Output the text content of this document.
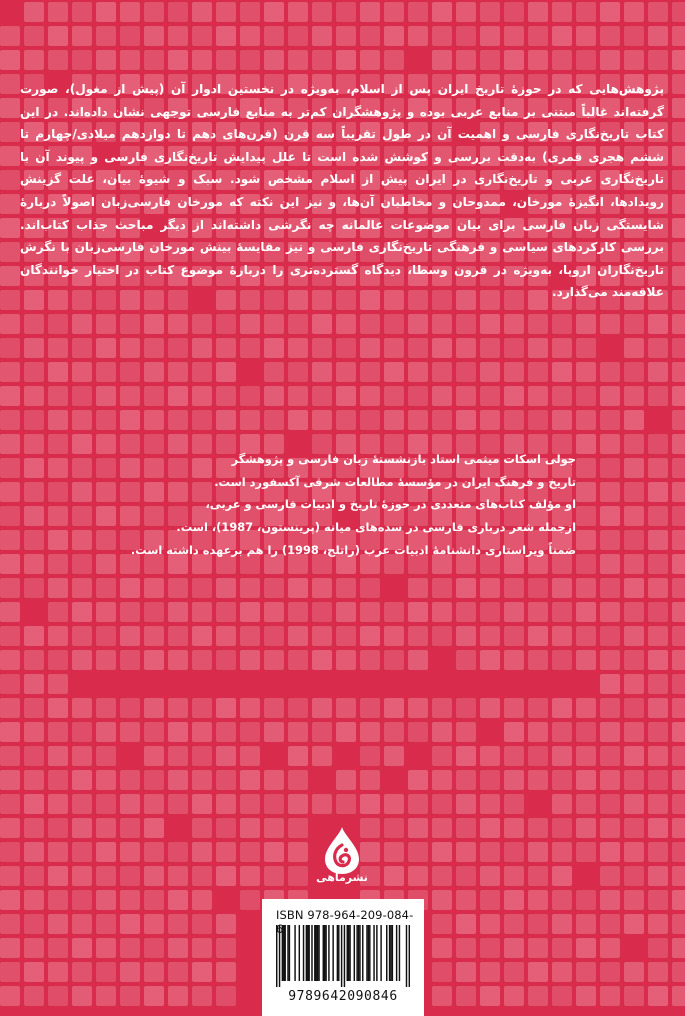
پژوهش‌هایی که در حوزهٔ تاریخ ایران پس از اسلام، به‌ویژه در نخستین ادوار آن (پیش از مغول)، صورت گرفته‌اند غالباً مبتنی بر منابع عربی بوده و پژوهشگران کم‌تر به منابع فارسی توجهی نشان داده‌اند. در این کتاب تاریخ‌نگاری فارسی و اهمیت آن در طول تقریباً سه قرن (قرن‌های دهم تا دوازدهم میلادی/چهارم تا ششم هجری قمری) به‌دقت بررسی و کوشش شده است تا علل پیدایش تاریخ‌نگاری فارسی و پیوند آن با تاریخ‌نگاری عربی و تاریخ‌نگاری در ایران پیش از اسلام مشخص شود. سبک و شیوهٔ بیان، علت گزینش رویدادها، انگیزهٔ مورخان، ممدوحان و مخاطبان آن‌ها، و نیز این نکته که مورخان فارسی‌زبان اصولاً دربارهٔ شایستگی زبان فارسی برای بیان موضوعات عالمانه چه نگرشی داشته‌اند از دیگر مباحث جذاب کتاب‌اند. بررسی کارکردهای سیاسی و فرهنگی تاریخ‌نگاری فارسی و نیز مقایسهٔ بینش مورخان فارسی‌زبان با نگرش تاریخ‌نگاران اروپا، به‌ویژه در قرون وسطا، دیدگاه گسترده‌تری را دربارهٔ موضوع کتاب در اختیار خوانندگان علاقه‌مند می‌گذارد.
جولی اسکات میثمی استاد بازنشستهٔ زبان فارسی و پژوهشگر
تاریخ و فرهنگ ایران در مؤسسهٔ مطالعات شرقی آکسفورد است.
او مؤلف کتاب‌های متعددی در حوزهٔ تاریخ و ادبیات فارسی و عربی،
ازجمله شعر درباری فارسی در سده‌های میانه (پرینستون، 1987)، است.
ضمناً ویراستاری دانشنامهٔ ادبیات عرب (راتلج، 1998) را هم برعهده داشته است.
نشرماهی
ISBN 978-964-209-084-
9789642090846
